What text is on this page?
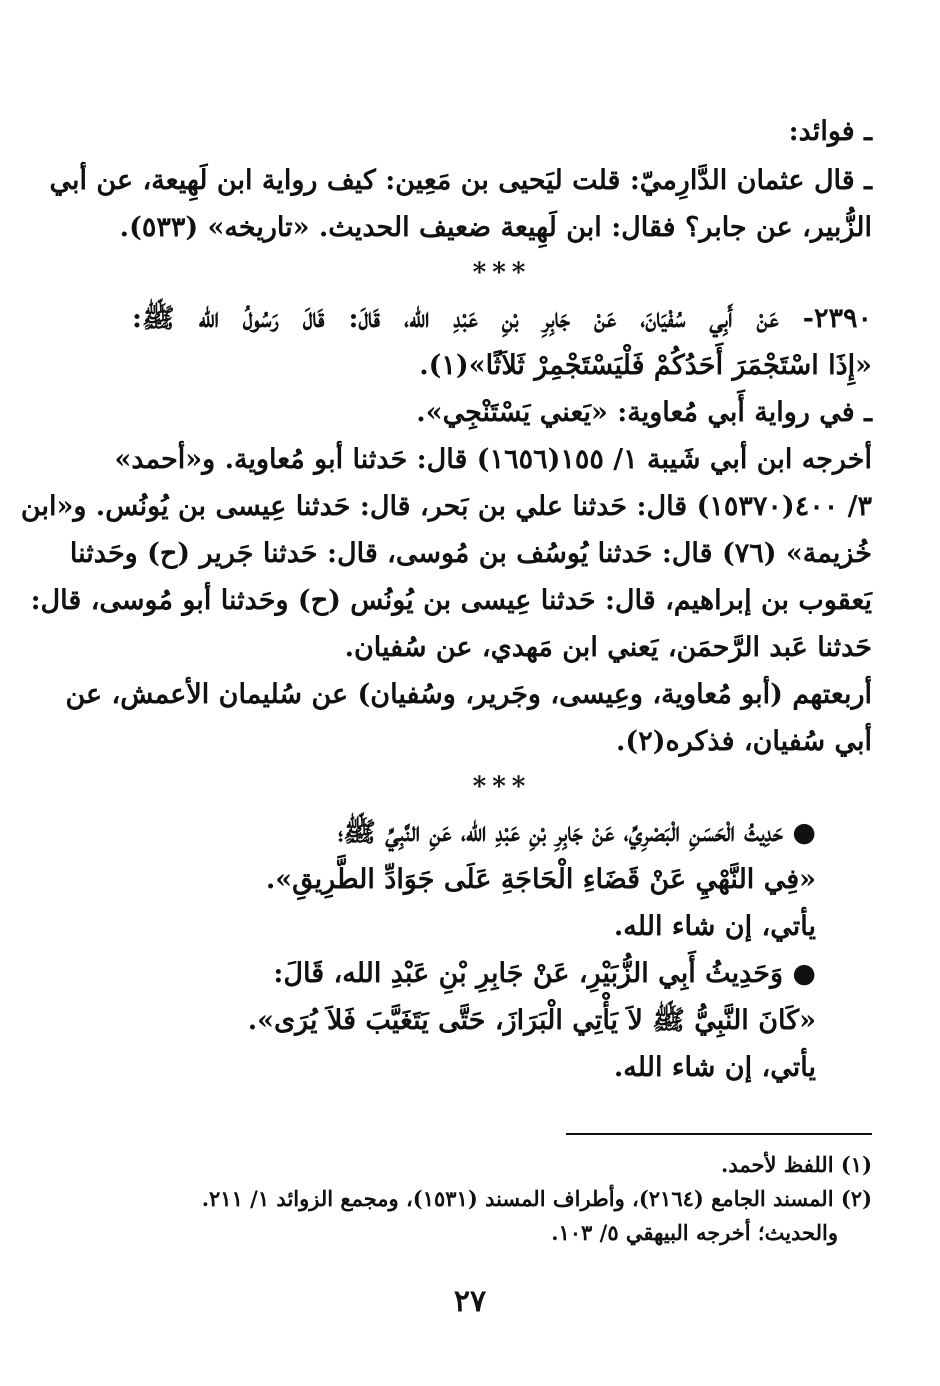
ـ فوائد:
ـ قال عثمان الدَّارِميّ: قلت ليَحيى بن مَعِين: كيف رواية ابن لَهِيعة، عن أبي
الزُّبير، عن جابر؟ فقال: ابن لَهِيعة ضعيف الحديث. «تاريخه» (٥٣٣).
***
٢٣٩٠- عَنْ أَبِي سُفْيَانَ، عَنْ جَابِرِ بْنِ عَبْدِ الله، قَالَ: قَالَ رَسُولُ الله ﷺ:
«إِذَا اسْتَجْمَرَ أَحَدُكُمْ فَلْيَسْتَجْمِرْ ثَلاَثًا»(١).
ـ في رواية أَبي مُعاوية: «يَعني يَسْتَنْجِي».
أخرجه ابن أبي شَيبة ١/ ١٥٥(١٦٥٦) قال: حَدثنا أبو مُعاوية. و«أحمد»
٣/ ٤٠٠(١٥٣٧٠) قال: حَدثنا علي بن بَحر، قال: حَدثنا عِيسى بن يُونُس. و«ابن
خُزيمة» (٧٦) قال: حَدثنا يُوسُف بن مُوسى، قال: حَدثنا جَرير (ح) وحَدثنا
يَعقوب بن إبراهيم، قال: حَدثنا عِيسى بن يُونُس (ح) وحَدثنا أبو مُوسى، قال:
حَدثنا عَبد الرَّحمَن، يَعني ابن مَهدي، عن سُفيان.
أربعتهم (أبو مُعاوية، وعِيسى، وجَرير، وسُفيان) عن سُليمان الأعمش، عن
أبي سُفيان، فذكره(٢).
***
● حَدِيثُ الْحَسَنِ الْبَصْرِيِّ، عَنْ جَابِرِ بْنِ عَبْدِ الله، عَنِ النَّبِيِّ ﷺ؛
«فِي النَّهْيِ عَنْ قَضَاءِ الْحَاجَةِ عَلَى جَوَادِّ الطَّرِيقِ».
يأتي، إن شاء الله.
● وَحَدِيثُ أَبِي الزُّبَيْرِ، عَنْ جَابِرِ بْنِ عَبْدِ الله، قَالَ:
«كَانَ النَّبِيُّ ﷺ لاَ يَأْتِي الْبَرَازَ، حَتَّى يَتَغَيَّبَ فَلاَ يُرَى».
يأتي، إن شاء الله.
(١) اللفظ لأحمد.
(٢) المسند الجامع (٢١٦٤)، وأطراف المسند (١٥٣١)، ومجمع الزوائد ١/ ٢١١.
والحديث؛ أخرجه البيهقي ٥/ ١٠٣.
٢٧
